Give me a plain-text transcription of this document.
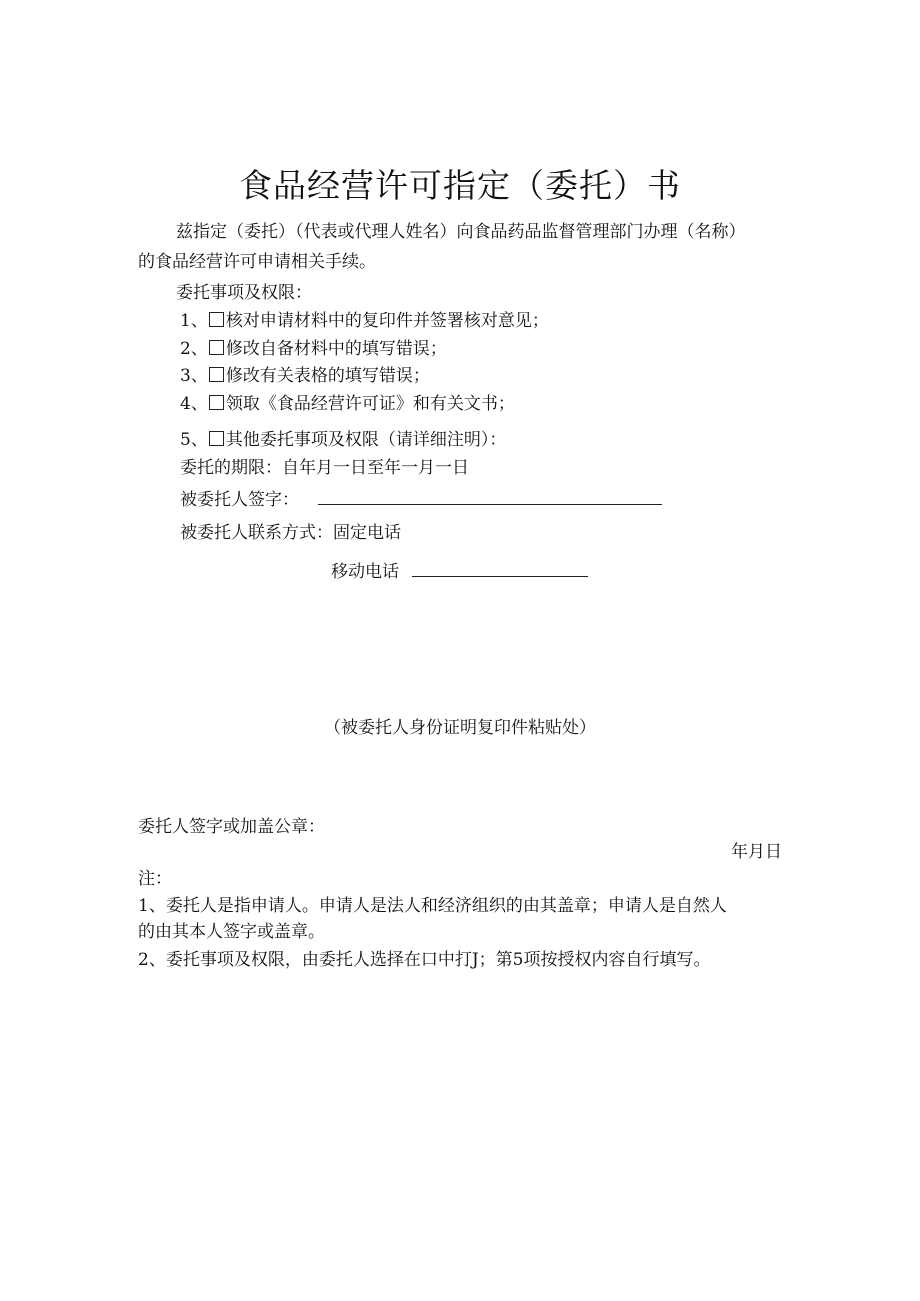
食品经营许可指定（委托）书
兹指定（委托）（代表或代理人姓名）向食品药品监督管理部门办理（名称）
的食品经营许可申请相关手续。
委托事项及权限：
1、 核对申请材料中的复印件并签署核对意见；
2、 修改自备材料中的填写错误；
3、 修改有关表格的填写错误；
4、 领取《食品经营许可证》和有关文书；
5、 其他委托事项及权限（请详细注明）：
委托的期限：自年月一日至年一月一日
被委托人签字：
被委托人联系方式：固定电话
移动电话
（被委托人身份证明复印件粘贴处）
委托人签字或加盖公章：
年月日
注：
1、委托人是指申请人。申请人是法人和经济组织的由其盖章；申请人是自然人
的由其本人签字或盖章。
2、委托事项及权限，由委托人选择在口中打J；第5项按授权内容自行填写。
